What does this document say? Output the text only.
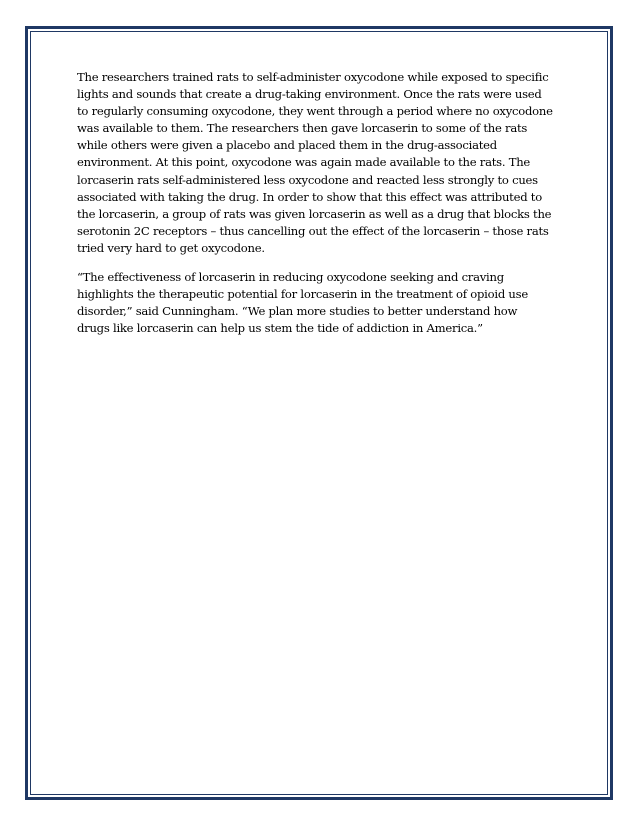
The researchers trained rats to self-administer oxycodone while exposed to specific lights and sounds that create a drug-taking environment. Once the rats were used to regularly consuming oxycodone, they went through a period where no oxycodone was available to them. The researchers then gave lorcaserin to some of the rats while others were given a placebo and placed them in the drug-associated environment. At this point, oxycodone was again made available to the rats. The lorcaserin rats self-administered less oxycodone and reacted less strongly to cues associated with taking the drug. In order to show that this effect was attributed to the lorcaserin, a group of rats was given lorcaserin as well as a drug that blocks the serotonin 2C receptors – thus cancelling out the effect of the lorcaserin – those rats tried very hard to get oxycodone.

“The effectiveness of lorcaserin in reducing oxycodone seeking and craving highlights the therapeutic potential for lorcaserin in the treatment of opioid use disorder,” said Cunningham. “We plan more studies to better understand how drugs like lorcaserin can help us stem the tide of addiction in America.”
